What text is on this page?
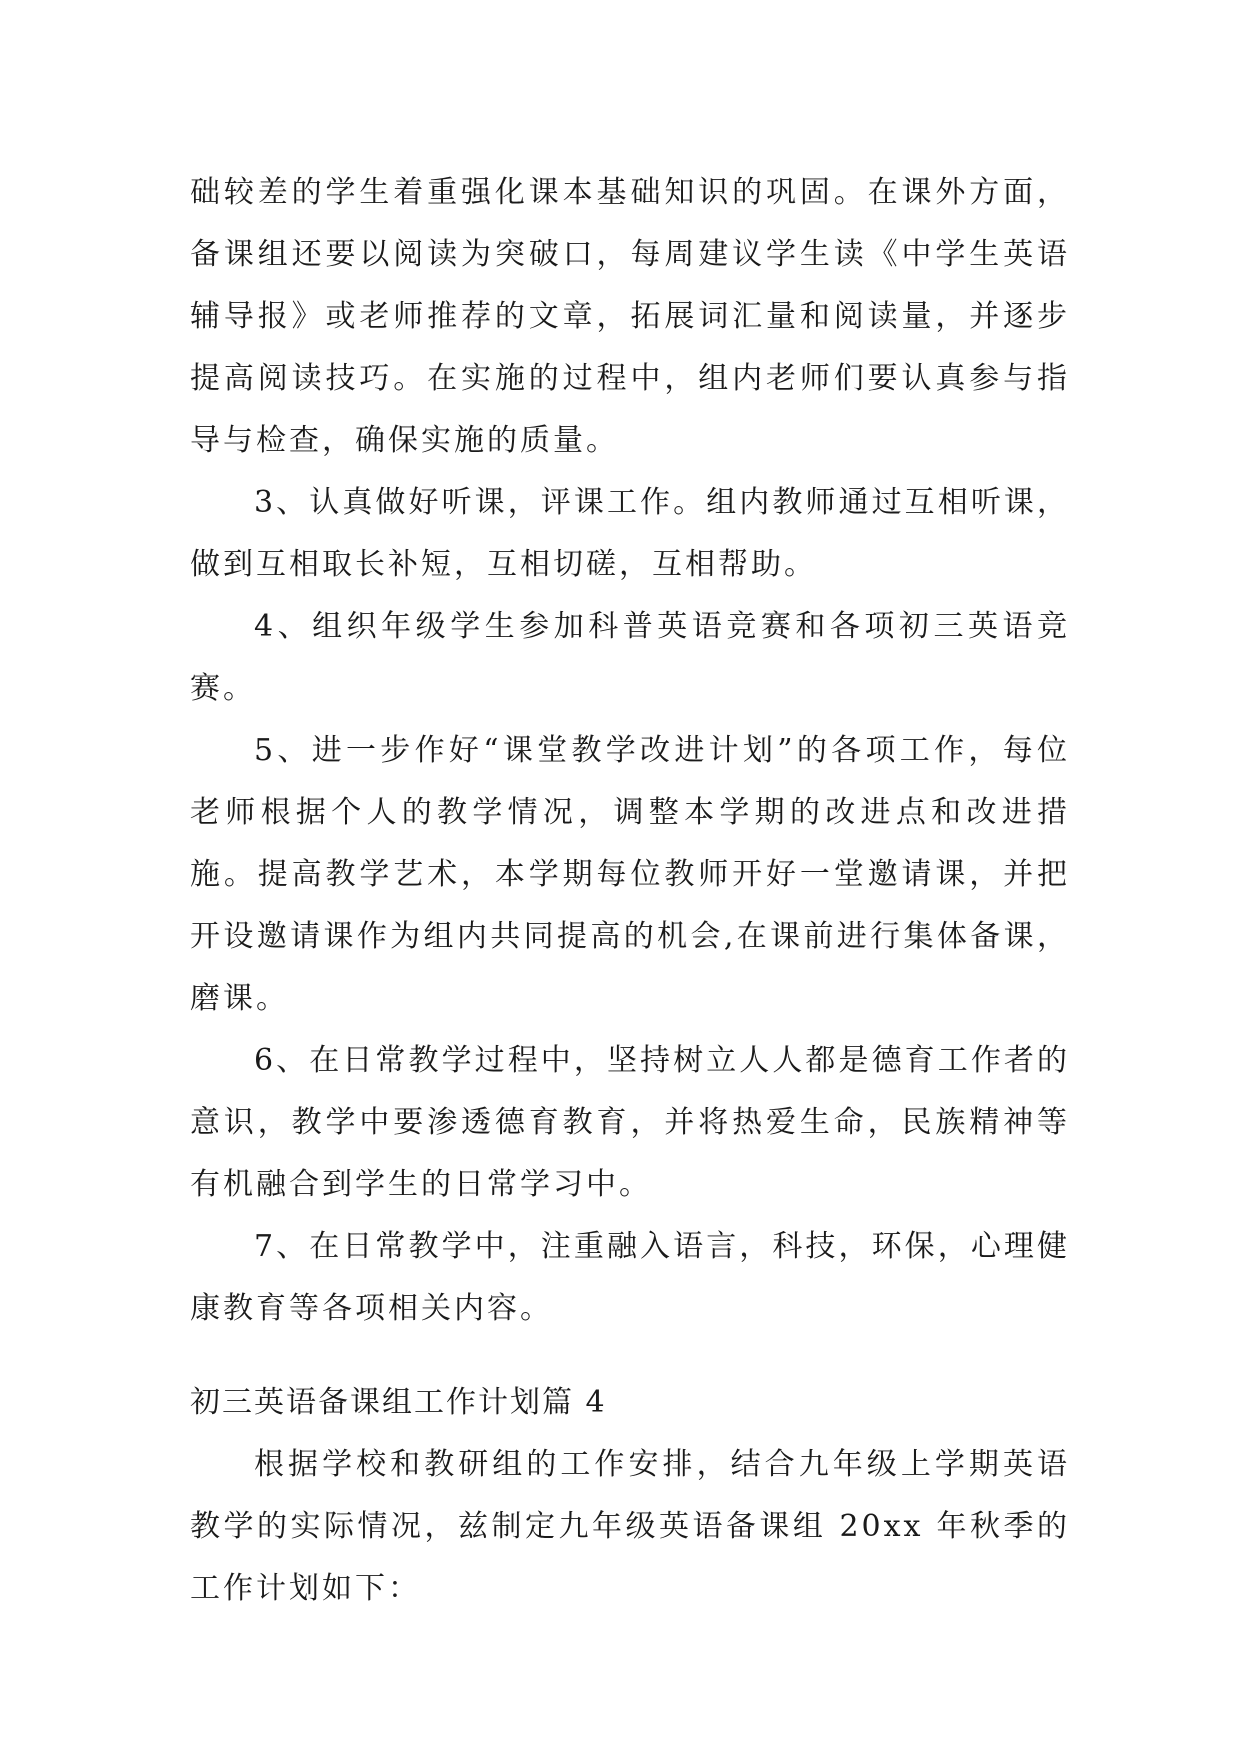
础较差的学生着重强化课本基础知识的巩固。在课外方面，备课组还要以阅读为突破口，每周建议学生读《中学生英语辅导报》或老师推荐的文章，拓展词汇量和阅读量，并逐步提高阅读技巧。在实施的过程中，组内老师们要认真参与指导与检查，确保实施的质量。

3、认真做好听课，评课工作。组内教师通过互相听课，做到互相取长补短，互相切磋，互相帮助。

4、组织年级学生参加科普英语竞赛和各项初三英语竞赛。

5、进一步作好“课堂教学改进计划”的各项工作，每位老师根据个人的教学情况，调整本学期的改进点和改进措施。提高教学艺术，本学期每位教师开好一堂邀请课，并把开设邀请课作为组内共同提高的机会,在课前进行集体备课，磨课。

6、在日常教学过程中，坚持树立人人都是德育工作者的意识，教学中要渗透德育教育，并将热爱生命，民族精神等有机融合到学生的日常学习中。

7、在日常教学中，注重融入语言，科技，环保，心理健康教育等各项相关内容。

初三英语备课组工作计划篇 4

根据学校和教研组的工作安排，结合九年级上学期英语教学的实际情况，兹制定九年级英语备课组 20xx 年秋季的工作计划如下：
